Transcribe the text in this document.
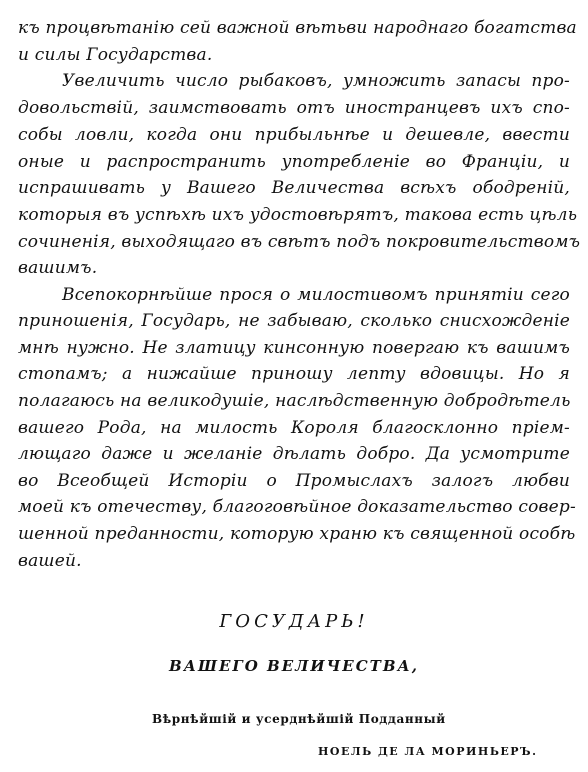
къ процвѣтанію сей важной вѣтьви народнаго богатства
и силы Государства.
Увеличить число рыбаковъ, умножить запасы про-
довольствій, заимствовать отъ иностранцевъ ихъ спо-
собы ловли, когда они прибыльнѣе и дешевле, ввести
оные и распространить употребленіе во Франціи, и
испрашивать у Вашего Величества всѣхъ ободреній,
которыя въ успѣхѣ ихъ удостовѣрятъ, такова есть цѣль
сочиненія, выходящаго въ свѣтъ подъ покровительствомъ
вашимъ.
Всепокорнѣйше прося о милостивомъ принятіи сего
приношенія, Государь, не забываю, сколько снисхожденіе
мнѣ нужно. Не златицу кинсонную повергаю къ вашимъ
стопамъ; а нижайше приношу лепту вдовицы. Но я
полагаюсь на великодушіе, наслѣдственную добродѣтель
вашего Рода, на милость Короля благосклонно пріем-
лющаго даже и желаніе дѣлать добро. Да усмотрите
во Всеобщей Исторіи о Промыслахъ залогъ любви
моей къ отечеству, благоговѣйное доказательство совер-
шенной преданности, которую храню къ священной особѣ
вашей.
ГОСУДАРЬ!
ВАШЕГО ВЕЛИЧЕСТВА,
Вѣрнѣйшій и усерднѣйшій Подданный
НОЕЛЬ ДЕ ЛА МОРИНЬЕРЪ.
